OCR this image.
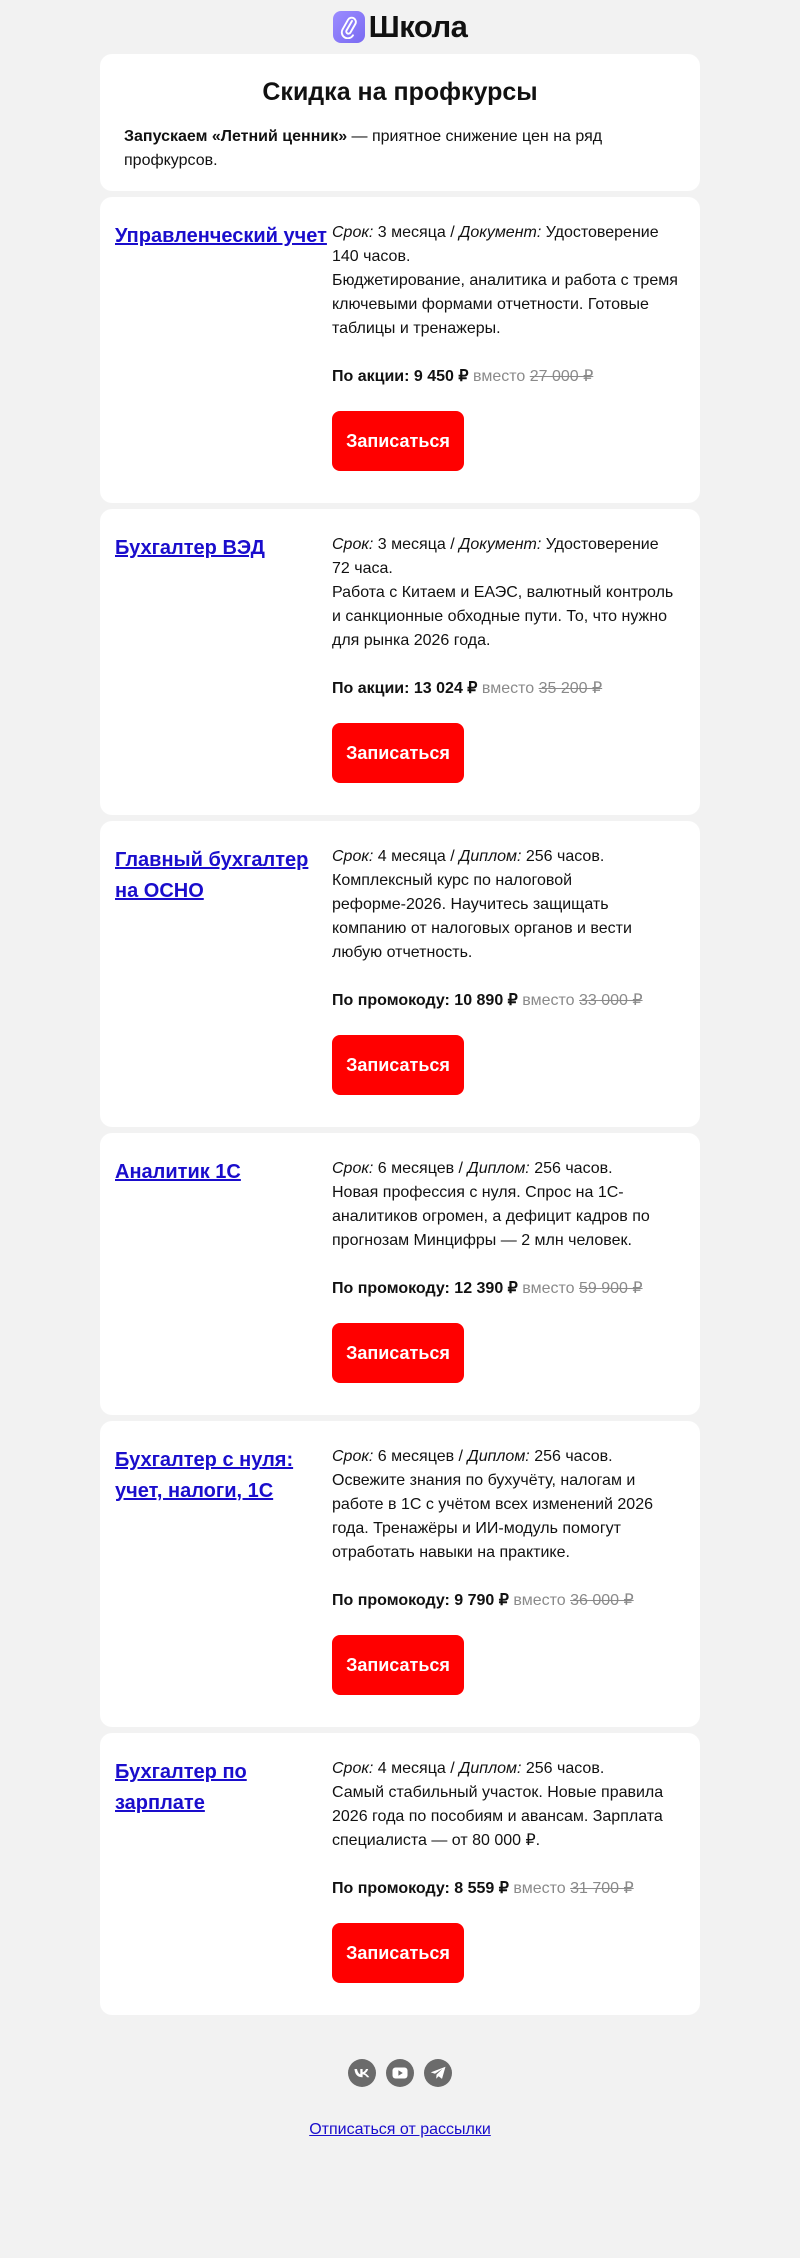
Школа
Скидка на профкурсы
Запускаем «Летний ценник» — приятное снижение цен на ряд профкурсов.
Управленческий учет Срок: 3 месяца / Документ: Удостоверение 140 часов.
Бюджетирование, аналитика и работа с тремя ключевыми формами отчетности. Готовые таблицы и тренажеры.
По акции: 9 450 ₽ вместо 27 000 ₽
Записаться
Бухгалтер ВЭД	Срок: 3 месяца / Документ: Удостоверение 72 часа.
Работа с Китаем и ЕАЭС, валютный контроль и санкционные обходные пути. То, что нужно для рынка 2026 года.
По акции: 13 024 ₽ вместо 35 200 ₽
Записаться
Главный бухгалтер на ОСНО
Срок: 4 месяца / Диплом: 256 часов.
Комплексный курс по налоговой реформе-2026. Научитесь защищать компанию от налоговых органов и вести любую отчетность.
По промокоду: 10 890 ₽ вместо 33 000 ₽
Записаться
Аналитик 1С	Срок: 6 месяцев / Диплом: 256 часов.
Новая профессия с нуля. Спрос на 1С-аналитиков огромен, а дефицит кадров по прогнозам Минцифры — 2 млн человек.
По промокоду: 12 390 ₽ вместо 59 900 ₽
Записаться
Бухгалтер с нуля: учет, налоги, 1С
Срок: 6 месяцев / Диплом: 256 часов.
Освежите знания по бухучёту, налогам и работе в 1С с учётом всех изменений 2026 года. Тренажёры и ИИ-модуль помогут отработать навыки на практике.
По промокоду: 9 790 ₽ вместо 36 000 ₽
Записаться
Бухгалтер по зарплате
Срок: 4 месяца / Диплом: 256 часов.
Самый стабильный участок. Новые правила 2026 года по пособиям и авансам. Зарплата специалиста — от 80 000 ₽.
По промокоду: 8 559 ₽ вместо 31 700 ₽
Записаться
Отписаться от рассылки
